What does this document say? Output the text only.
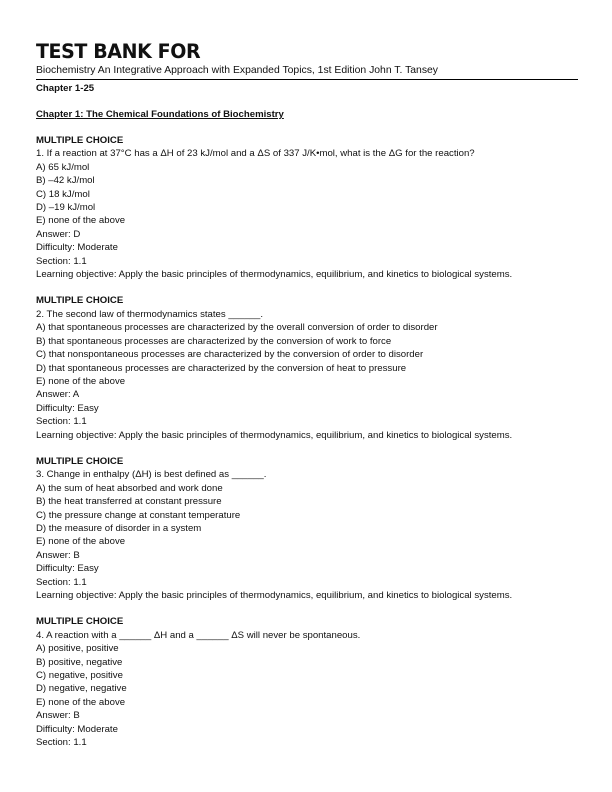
TEST BANK FOR
Biochemistry An Integrative Approach with Expanded Topics, 1st Edition John T. Tansey
Chapter 1-25
Chapter 1: The Chemical Foundations of Biochemistry
MULTIPLE CHOICE
1. If a reaction at 37°C has a ΔH of 23 kJ/mol and a ΔS of 337 J/K•mol, what is the ΔG for the reaction?
A) 65 kJ/mol
B) –42 kJ/mol
C) 18 kJ/mol
D) –19 kJ/mol
E) none of the above
Answer: D
Difficulty: Moderate
Section: 1.1
Learning objective: Apply the basic principles of thermodynamics, equilibrium, and kinetics to biological systems.
MULTIPLE CHOICE
2. The second law of thermodynamics states ______.
A) that spontaneous processes are characterized by the overall conversion of order to disorder
B) that spontaneous processes are characterized by the conversion of work to force
C) that nonspontaneous processes are characterized by the conversion of order to disorder
D) that spontaneous processes are characterized by the conversion of heat to pressure
E) none of the above
Answer: A
Difficulty: Easy
Section: 1.1
Learning objective: Apply the basic principles of thermodynamics, equilibrium, and kinetics to biological systems.
MULTIPLE CHOICE
3. Change in enthalpy (ΔH) is best defined as ______.
A) the sum of heat absorbed and work done
B) the heat transferred at constant pressure
C) the pressure change at constant temperature
D) the measure of disorder in a system
E) none of the above
Answer: B
Difficulty: Easy
Section: 1.1
Learning objective: Apply the basic principles of thermodynamics, equilibrium, and kinetics to biological systems.
MULTIPLE CHOICE
4. A reaction with a ______ ΔH and a ______ ΔS will never be spontaneous.
A) positive, positive
B) positive, negative
C) negative, positive
D) negative, negative
E) none of the above
Answer: B
Difficulty: Moderate
Section: 1.1
